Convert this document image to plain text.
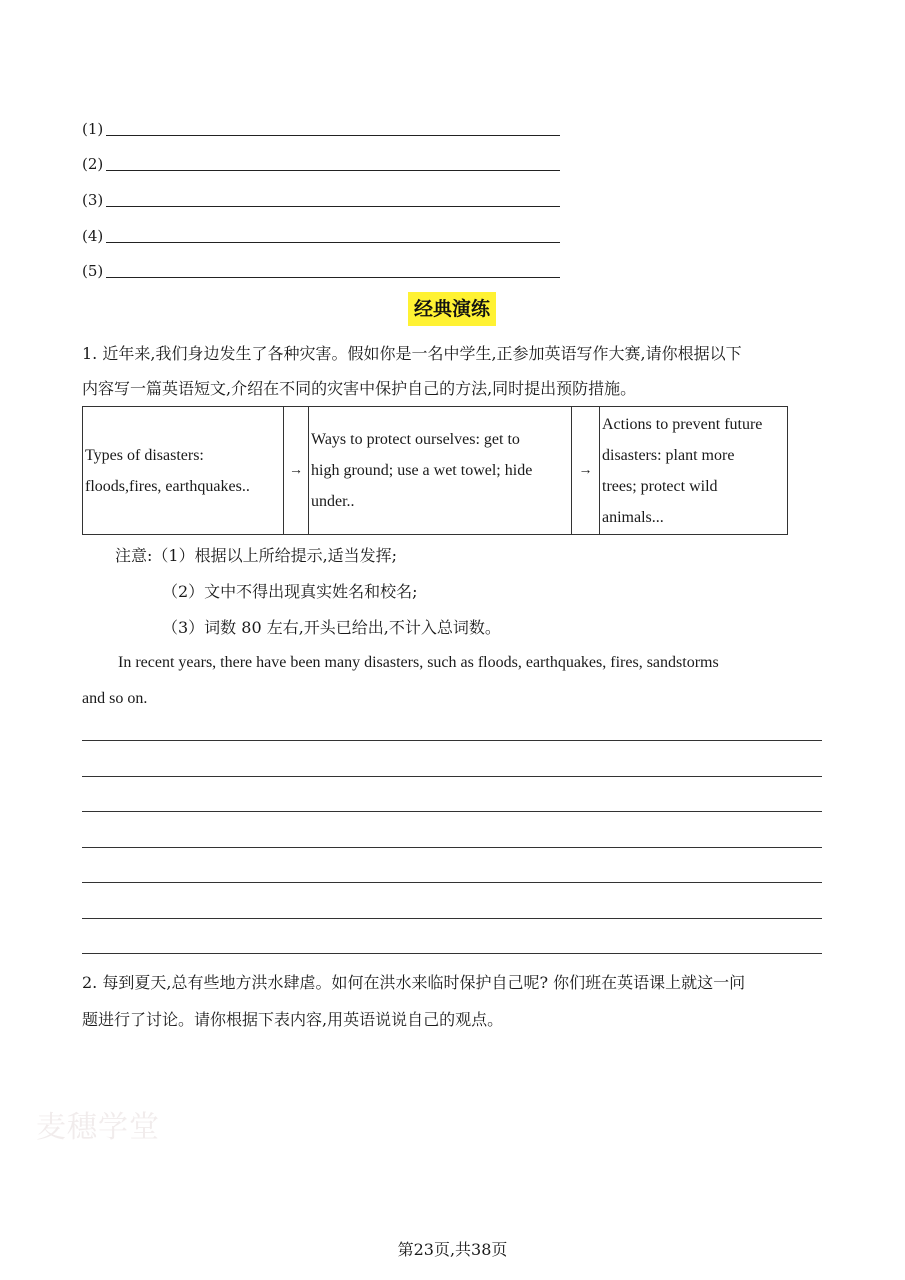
(1)
(2)
(3)
(4)
(5)
经典演练
1. 近年来,我们身边发生了各种灾害。假如你是一名中学生,正参加英语写作大赛,请你根据以下
内容写一篇英语短文,介绍在不同的灾害中保护自己的方法,同时提出预防措施。
Types of disasters:
floods,fires, earthquakes..
	→	
Ways to protect ourselves: get to
high ground; use a wet towel; hide
under..
	→	
Actions to prevent future
disasters: plant more
trees; protect wild
animals...
注意:（1）根据以上所给提示,适当发挥;
（2）文中不得出现真实姓名和校名;
（3）词数 80 左右,开头已给出,不计入总词数。
In recent years, there have been many disasters, such as floods, earthquakes, fires, sandstorms
and so on.
2. 每到夏天,总有些地方洪水肆虐。如何在洪水来临时保护自己呢? 你们班在英语课上就这一问
题进行了讨论。请你根据下表内容,用英语说说自己的观点。
麦穗学堂
第23页,共38页
